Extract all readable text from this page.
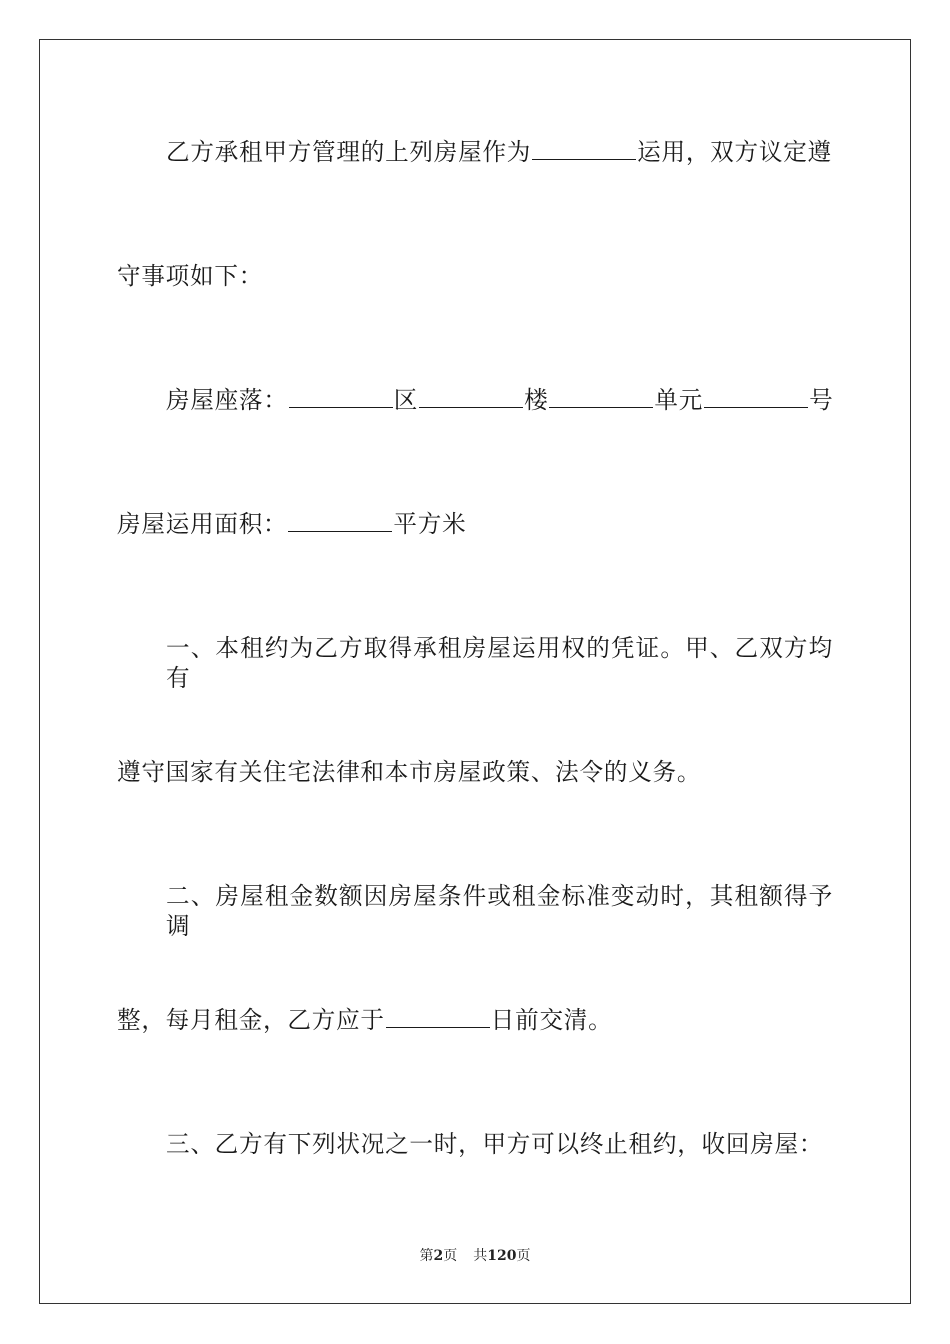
乙方承租甲方管理的上列房屋作为	运用，双方议定遵
守事项如下：
房屋座落：	区	楼	单元	号
房屋运用面积：	平方米
一、本租约为乙方取得承租房屋运用权的凭证。甲、乙双方均有
遵守国家有关住宅法律和本市房屋政策、法令的义务。
二、房屋租金数额因房屋条件或租金标准变动时，其租额得予调
整，每月租金，乙方应于	日前交清。
三、乙方有下列状况之一时，甲方可以终止租约，收回房屋：
第2页 共120页
